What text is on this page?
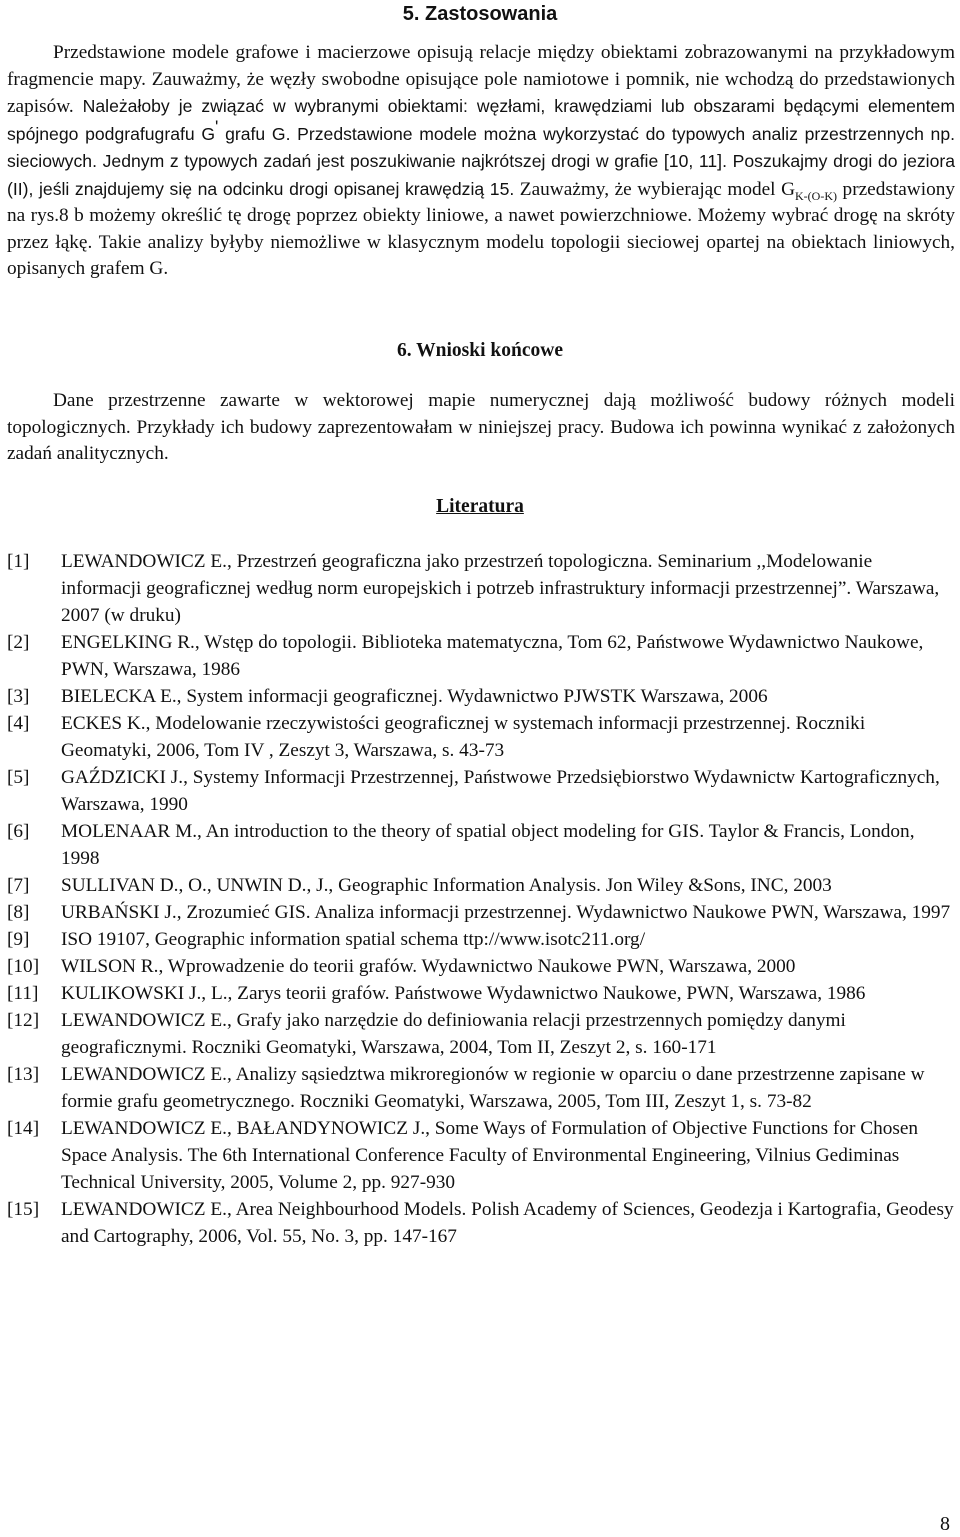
5. Zastosowania

Przedstawione modele grafowe i macierzowe opisują relacje między obiektami zobrazowanymi na przykładowym fragmencie mapy. Zauważmy, że węzły swobodne opisujące pole namiotowe i pomnik, nie wchodzą do przedstawionych zapisów. Należałoby je związać w wybranymi obiektami: węzłami, krawędziami lub obszarami będącymi elementem spójnego podgrafugrafu G' grafu G. Przedstawione modele można wykorzystać do typowych analiz przestrzennych np. sieciowych. Jednym z typowych zadań jest poszukiwanie najkrótszej drogi w grafie [10, 11]. Poszukajmy drogi do jeziora (II), jeśli znajdujemy się na odcinku drogi opisanej krawędzią 15. Zauważmy, że wybierając model $G_{K-(O-K)}$ przedstawiony na rys.8 b możemy określić tę drogę poprzez obiekty liniowe, a nawet powierzchniowe. Możemy wybrać drogę na skróty przez łąkę. Takie analizy byłyby niemożliwe w klasycznym modelu topologii sieciowej opartej na obiektach liniowych, opisanych grafem G.

6. Wnioski końcowe

Dane przestrzenne zawarte w wektorowej mapie numerycznej dają możliwość budowy różnych modeli topologicznych. Przykłady ich budowy zaprezentowałam w niniejszej pracy. Budowa ich powinna wynikać z założonych zadań analitycznych.

Literatura
[1] LEWANDOWICZ E., Przestrzeń geograficzna jako przestrzeń topologiczna. Seminarium ,,Modelowanie informacji geograficznej według norm europejskich i potrzeb infrastruktury informacji przestrzennej”. Warszawa, 2007 (w druku)
[2] ENGELKING R., Wstęp do topologii. Biblioteka matematyczna, Tom 62, Państwowe Wydawnictwo Naukowe, PWN, Warszawa, 1986
[3] BIELECKA E., System informacji geograficznej. Wydawnictwo PJWSTK Warszawa, 2006
[4] ECKES K., Modelowanie rzeczywistości geograficznej w systemach informacji przestrzennej. Roczniki Geomatyki, 2006, Tom IV , Zeszyt 3, Warszawa, s. 43-73
[5] GAŹDZICKI J., Systemy Informacji Przestrzennej, Państwowe Przedsiębiorstwo Wydawnictw Kartograficznych, Warszawa, 1990
[6] MOLENAAR M., An introduction to the theory of spatial object modeling for GIS. Taylor & Francis, London, 1998
[7] SULLIVAN D., O., UNWIN D., J., Geographic Information Analysis. Jon Wiley &Sons, INC, 2003
[8] URBAŃSKI J., Zrozumieć GIS. Analiza informacji przestrzennej. Wydawnictwo Naukowe PWN, Warszawa, 1997
[9] ISO 19107, Geographic information spatial schema ttp://www.isotc211.org/
[10] WILSON R., Wprowadzenie do teorii grafów. Wydawnictwo Naukowe PWN, Warszawa, 2000
[11] KULIKOWSKI J., L., Zarys teorii grafów. Państwowe Wydawnictwo Naukowe, PWN, Warszawa, 1986
[12] LEWANDOWICZ E., Grafy jako narzędzie do definiowania relacji przestrzennych pomiędzy danymi geograficznymi. Roczniki Geomatyki, Warszawa, 2004, Tom II, Zeszyt 2, s. 160-171
[13] LEWANDOWICZ E., Analizy sąsiedztwa mikroregionów w regionie w oparciu o dane przestrzenne zapisane w formie grafu geometrycznego. Roczniki Geomatyki, Warszawa, 2005, Tom III, Zeszyt 1, s. 73-82
[14] LEWANDOWICZ E., BAŁANDYNOWICZ J., Some Ways of Formulation of Objective Functions for Chosen Space Analysis. The 6th International Conference Faculty of Environmental Engineering, Vilnius Gediminas Technical University, 2005, Volume 2, pp. 927-930
[15] LEWANDOWICZ E., Area Neighbourhood Models. Polish Academy of Sciences, Geodezja i Kartografia, Geodesy and Cartography, 2006, Vol. 55, No. 3, pp. 147-167
8
